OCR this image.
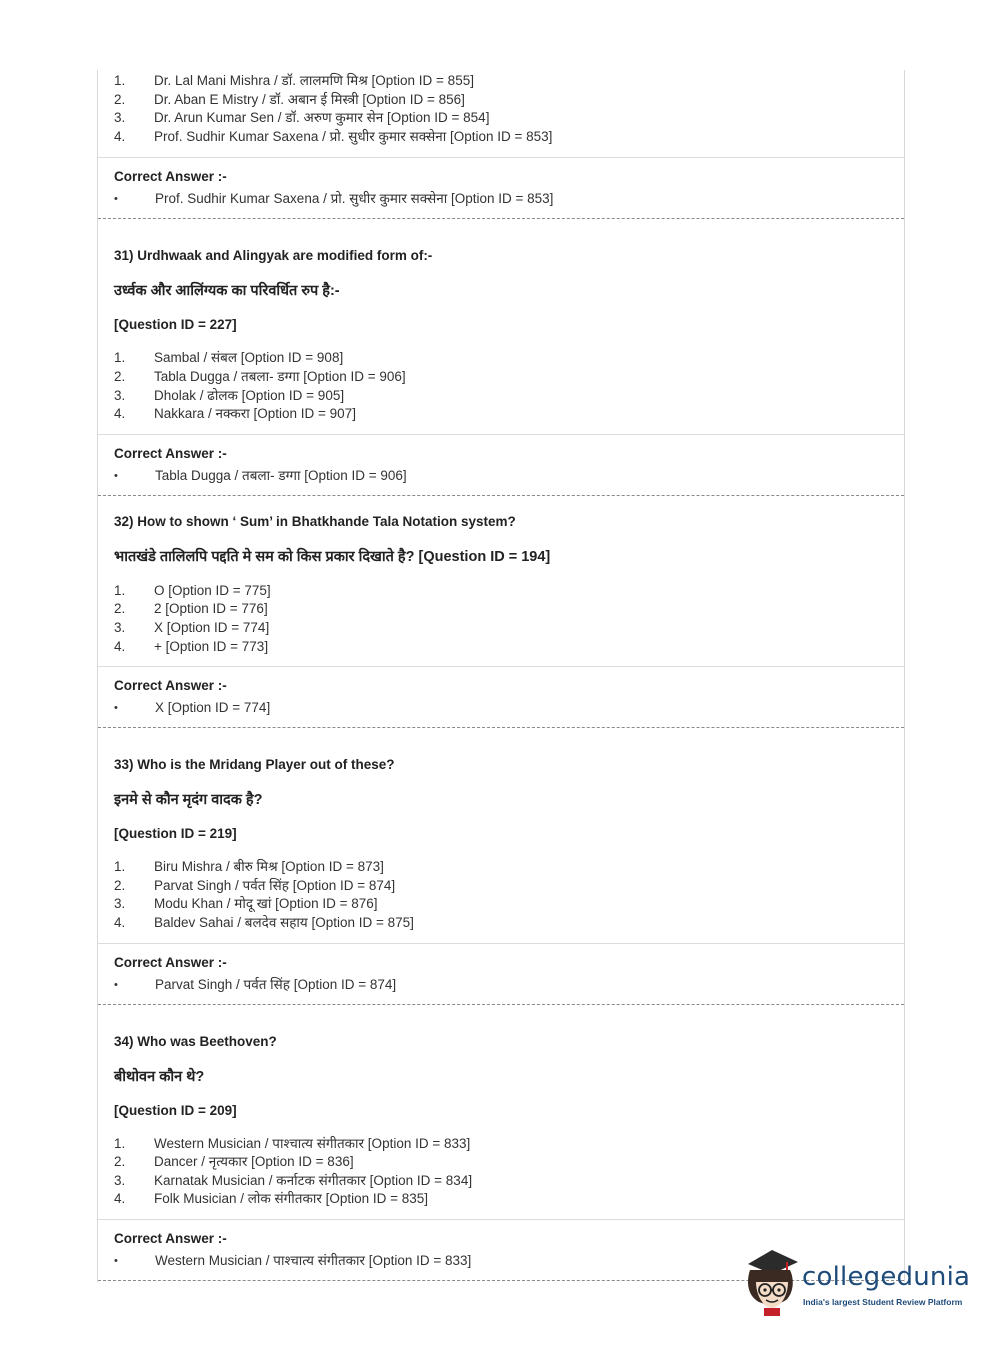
1.	Dr. Lal Mani Mishra / डॉ. लालमणि मिश्र [Option ID = 855]
2.	Dr. Aban E Mistry / डॉ. अबान ई मिस्त्री [Option ID = 856]
3.	Dr. Arun Kumar Sen / डॉ. अरुण कुमार सेन [Option ID = 854]
4.	Prof. Sudhir Kumar Saxena / प्रो. सुधीर कुमार सक्सेना [Option ID = 853]
Correct Answer :-
•	Prof. Sudhir Kumar Saxena / प्रो. सुधीर कुमार सक्सेना [Option ID = 853]
31) Urdhwaak and Alingyak are modified form of:-
उर्ध्वक और आलिंग्यक का परिवर्धित रुप है:-
[Question ID = 227]
1.	Sambal / संबल [Option ID = 908]
2.	Tabla Dugga / तबला- डग्गा [Option ID = 906]
3.	Dholak / ढोलक [Option ID = 905]
4.	Nakkara / नक्करा [Option ID = 907]
Correct Answer :-
•	Tabla Dugga / तबला- डग्गा [Option ID = 906]
32) How to shown ‘ Sum’ in Bhatkhande Tala Notation system?
भातखंडे तालिलपि पद्दति मे सम को किस प्रकार दिखाते है? [Question ID = 194]
1.	O [Option ID = 775]
2.	2 [Option ID = 776]
3.	X [Option ID = 774]
4.	+ [Option ID = 773]
Correct Answer :-
•	X [Option ID = 774]
33) Who is the Mridang Player out of these?
इनमे से कौन मृदंग वादक है?
[Question ID = 219]
1.	Biru Mishra / बीरु मिश्र [Option ID = 873]
2.	Parvat Singh / पर्वत सिंह [Option ID = 874]
3.	Modu Khan / मोदू खां [Option ID = 876]
4.	Baldev Sahai / बलदेव सहाय [Option ID = 875]
Correct Answer :-
•	Parvat Singh / पर्वत सिंह [Option ID = 874]
34) Who was Beethoven?
बीथोवन कौन थे?
[Question ID = 209]
1.	Western Musician / पाश्चात्य संगीतकार [Option ID = 833]
2.	Dancer / नृत्यकार [Option ID = 836]
3.	Karnatak Musician / कर्नाटक संगीतकार [Option ID = 834]
4.	Folk Musician / लोक संगीतकार [Option ID = 835]
Correct Answer :-
•	Western Musician / पाश्चात्य संगीतकार [Option ID = 833]
collegedunia
India's largest Student Review Platform
